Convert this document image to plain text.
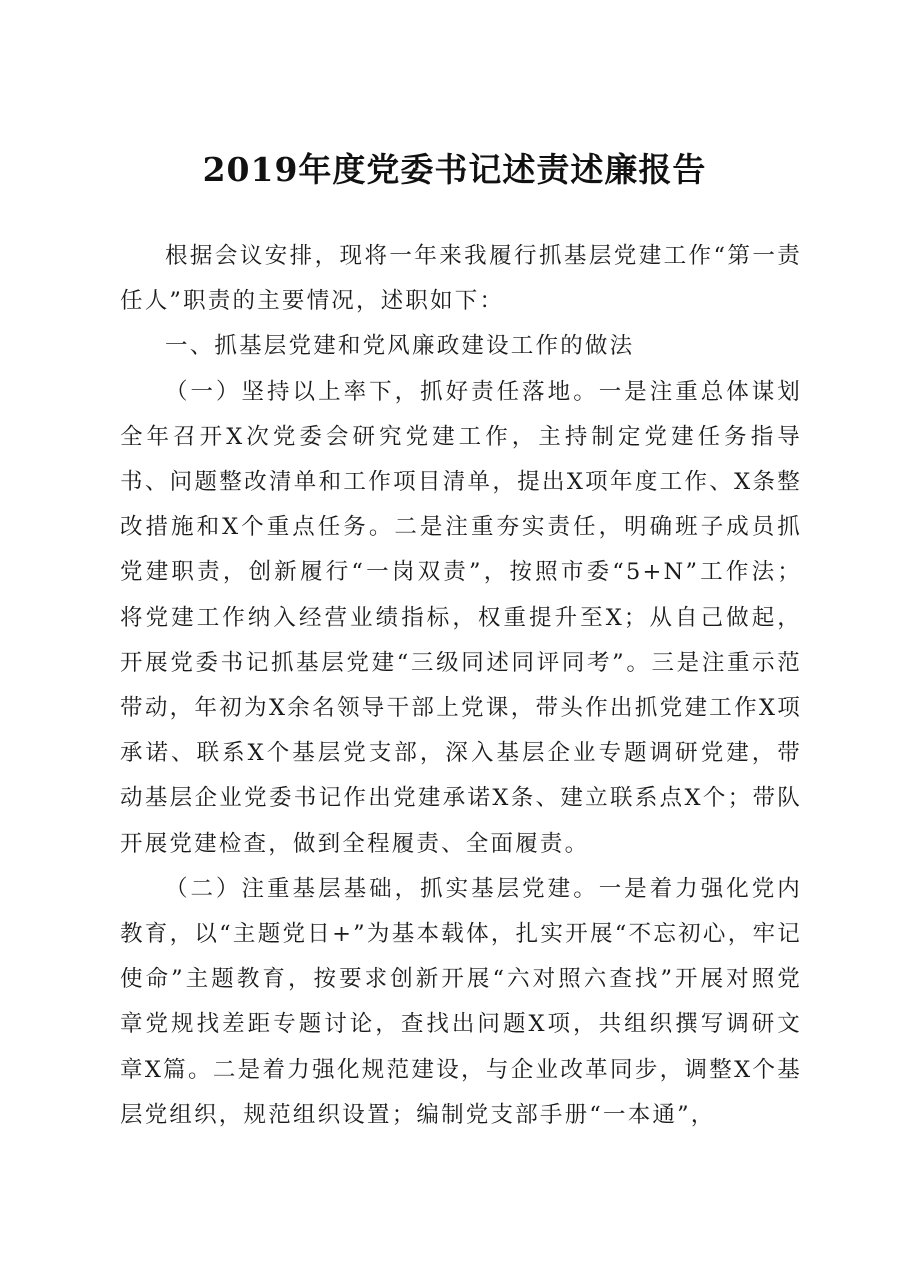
2019年度党委书记述责述廉报告

根据会议安排，现将一年来我履行抓基层党建工作“第一责任人”职责的主要情况，述职如下：

一、抓基层党建和党风廉政建设工作的做法

（一）坚持以上率下，抓好责任落地。一是注重总体谋划全年召开X次党委会研究党建工作，主持制定党建任务指导书、问题整改清单和工作项目清单，提出X项年度工作、X条整改措施和X个重点任务。二是注重夯实责任，明确班子成员抓党建职责，创新履行“一岗双责”，按照市委“5+N”工作法；将党建工作纳入经营业绩指标，权重提升至X；从自己做起，开展党委书记抓基层党建“三级同述同评同考”。三是注重示范带动，年初为X余名领导干部上党课，带头作出抓党建工作X项承诺、联系X个基层党支部，深入基层企业专题调研党建，带动基层企业党委书记作出党建承诺X条、建立联系点X个；带队开展党建检查，做到全程履责、全面履责。

（二）注重基层基础，抓实基层党建。一是着力强化党内教育，以“主题党日+”为基本载体，扎实开展“不忘初心，牢记使命”主题教育，按要求创新开展“六对照六查找”开展对照党章党规找差距专题讨论，查找出问题X项，共组织撰写调研文章X篇。二是着力强化规范建设，与企业改革同步，调整X个基层党组织，规范组织设置；编制党支部手册“一本通”，
